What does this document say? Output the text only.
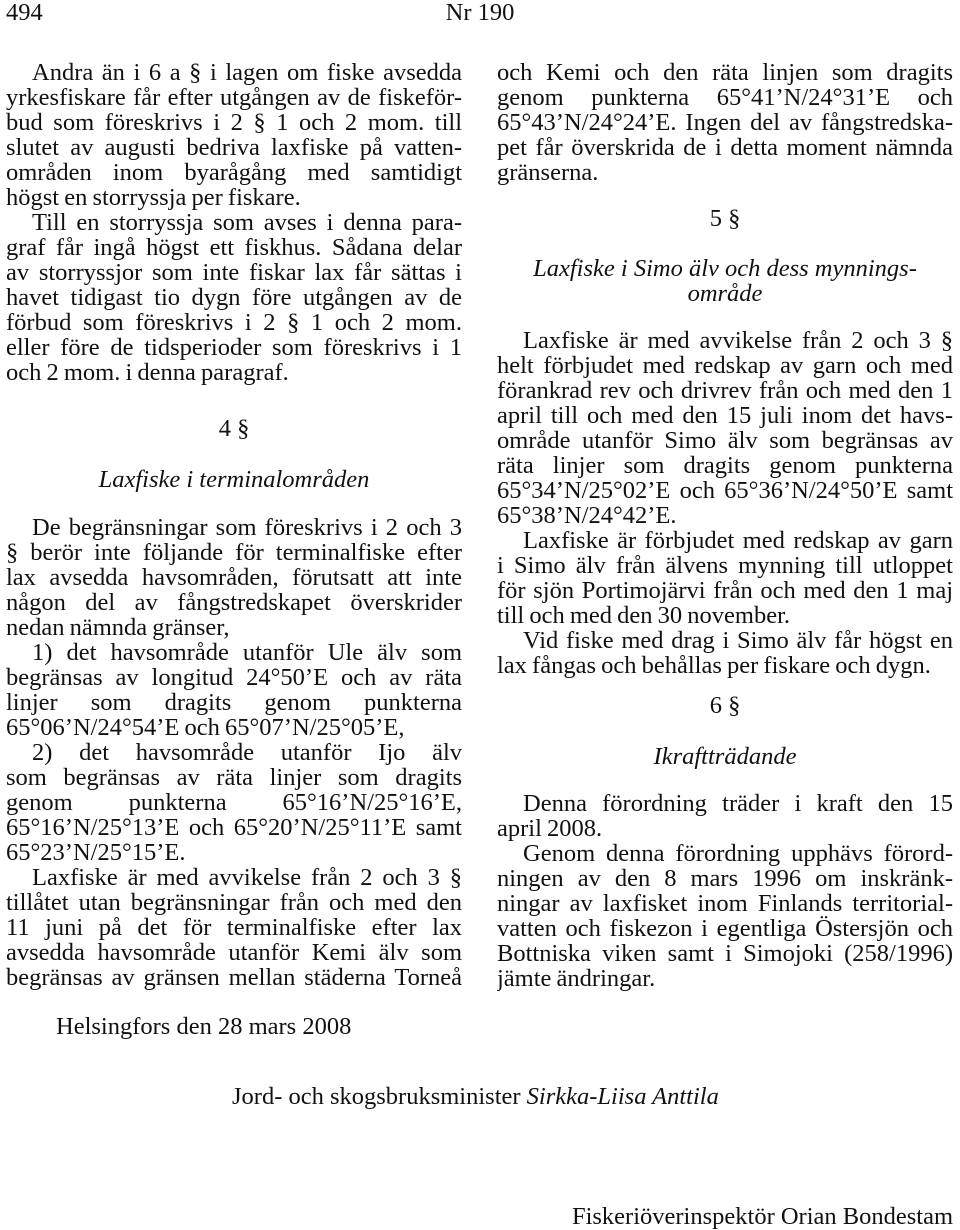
494	Nr 190
Andra än i 6 a § i lagen om fiske avsedda
yrkesfiskare får efter utgången av de fiskeför-
bud som föreskrivs i 2 § 1 och 2 mom. till
slutet av augusti bedriva laxfiske på vatten-
områden inom byarågång med samtidigt
högst en storryssja per fiskare.
Till en storryssja som avses i denna para-
graf får ingå högst ett fiskhus. Sådana delar
av storryssjor som inte fiskar lax får sättas i
havet tidigast tio dygn före utgången av de
förbud som föreskrivs i 2 § 1 och 2 mom.
eller före de tidsperioder som föreskrivs i 1
och 2 mom. i denna paragraf.
4 §
Laxfiske i terminalområden
De begränsningar som föreskrivs i 2 och 3
§ berör inte följande för terminalfiske efter
lax avsedda havsområden, förutsatt att inte
någon del av fångstredskapet överskrider
nedan nämnda gränser,
1) det havsområde utanför Ule älv som
begränsas av longitud 24°50’E och av räta
linjer som dragits genom punkterna
65°06’N/24°54’E och 65°07’N/25°05’E,
2) det havsområde utanför Ijo älv
som begränsas av räta linjer som dragits
genom punkterna 65°16’N/25°16’E,
65°16’N/25°13’E och 65°20’N/25°11’E samt
65°23’N/25°15’E.
Laxfiske är med avvikelse från 2 och 3 §
tillåtet utan begränsningar från och med den
11 juni på det för terminalfiske efter lax
avsedda havsområde utanför Kemi älv som
begränsas av gränsen mellan städerna Torneå
och Kemi och den räta linjen som dragits
genom punkterna 65°41’N/24°31’E och
65°43’N/24°24’E. Ingen del av fångstredska-
pet får överskrida de i detta moment nämnda
gränserna.
5 §
Laxfiske i Simo älv och dess mynnings-
område
Laxfiske är med avvikelse från 2 och 3 §
helt förbjudet med redskap av garn och med
förankrad rev och drivrev från och med den 1
april till och med den 15 juli inom det havs-
område utanför Simo älv som begränsas av
räta linjer som dragits genom punkterna
65°34’N/25°02’E och 65°36’N/24°50’E samt
65°38’N/24°42’E.
Laxfiske är förbjudet med redskap av garn
i Simo älv från älvens mynning till utloppet
för sjön Portimojärvi från och med den 1 maj
till och med den 30 november.
Vid fiske med drag i Simo älv får högst en
lax fångas och behållas per fiskare och dygn.
6 §
Ikraftträdande
Denna förordning träder i kraft den 15
april 2008.
Genom denna förordning upphävs förord-
ningen av den 8 mars 1996 om inskränk-
ningar av laxfisket inom Finlands territorial-
vatten och fiskezon i egentliga Östersjön och
Bottniska viken samt i Simojoki (258/1996)
jämte ändringar.
Helsingfors den 28 mars 2008
Jord- och skogsbruksminister Sirkka-Liisa Anttila
Fiskeriöverinspektör Orian Bondestam
